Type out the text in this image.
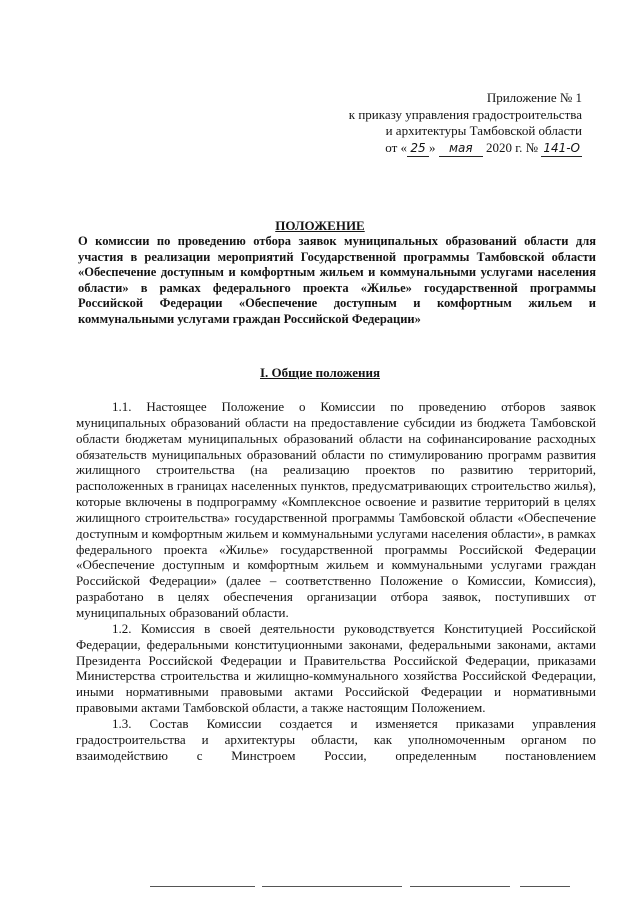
Приложение № 1
к приказу управления градостроительства
и архитектуры Тамбовской области
от « 25 » мая 2020 г. № 141-О
ПОЛОЖЕНИЕ
О комиссии по проведению отбора заявок муниципальных образований области для участия в реализации мероприятий Государственной программы Тамбовской области «Обеспечение доступным и комфортным жильем и коммунальными услугами населения области» в рамках федерального проекта «Жилье» государственной программы Российской Федерации «Обеспечение доступным и комфортным жильем и коммунальными услугами граждан Российской Федерации»
I. Общие положения

1.1. Настоящее Положение о Комиссии по проведению отборов заявок муниципальных образований области на предоставление субсидии из бюджета Тамбовской области бюджетам муниципальных образований области на софинансирование расходных обязательств муниципальных образований области по стимулированию программ развития жилищного строительства (на реализацию проектов по развитию территорий, расположенных в границах населенных пунктов, предусматривающих строительство жилья), которые включены в подпрограмму «Комплексное освоение и развитие территорий в целях жилищного строительства» государственной программы Тамбовской области «Обеспечение доступным и комфортным жильем и коммунальными услугами населения области», в рамках федерального проекта «Жилье» государственной программы Российской Федерации «Обеспечение доступным и комфортным жильем и коммунальными услугами граждан Российской Федерации» (далее – соответственно Положение о Комиссии, Комиссия), разработано в целях обеспечения организации отбора заявок, поступивших от муниципальных образований области.

1.2. Комиссия в своей деятельности руководствуется Конституцией Российской Федерации, федеральными конституционными законами, федеральными законами, актами Президента Российской Федерации и Правительства Российской Федерации, приказами Министерства строительства и жилищно-коммунального хозяйства Российской Федерации, иными нормативными правовыми актами Российской Федерации и нормативными правовыми актами Тамбовской области, а также настоящим Положением.

1.3. Состав Комиссии создается и изменяется приказами управления градостроительства и архитектуры области, как уполномоченным органом по взаимодействию с Минстроем России, определенным постановлением
